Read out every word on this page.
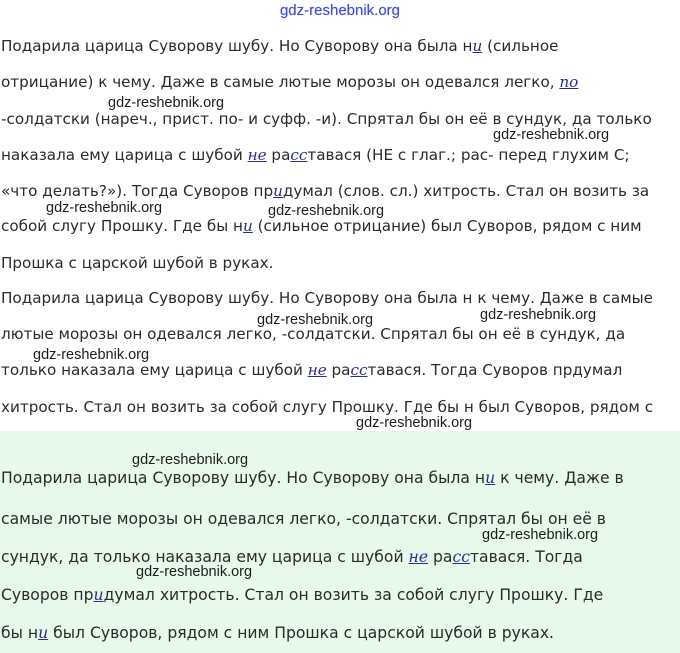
gdz-reshebnik.org
Подарила царица Суворову шубу. Но Суворову она была ни (сильное
отрицание) к чему. Даже в самые лютые морозы он одевался легко, по
-солдатски (нареч., прист. по- и суфф. -и). Спрятал бы он её в сундук, да только
наказала ему царица с шубой не расставася (НЕ с глаг.; рас- перед глухим С;
«что делать?»). Тогда Суворов придумал (слов. сл.) хитрость. Стал он возить за
собой слугу Прошку. Где бы ни (сильное отрицание) был Суворов, рядом с ним
Прошка с царской шубой в руках.
Подарила царица Суворову шубу. Но Суворову она была н к чему. Даже в самые
лютые морозы он одевался легко, -солдатски. Спрятал бы он её в сундук, да
только наказала ему царица с шубой не расставася. Тогда Суворов прдумал
хитрость. Стал он возить за собой слугу Прошку. Где бы н был Суворов, рядом с
Подарила царица Суворову шубу. Но Суворову она была ни к чему. Даже в
самые лютые морозы он одевался легко, -солдатски. Спрятал бы он её в
сундук, да только наказала ему царица с шубой не расставася. Тогда
Суворов придумал хитрость. Стал он возить за собой слугу Прошку. Где
бы ни был Суворов, рядом с ним Прошка с царской шубой в руках.
gdz-reshebnik.org
gdz-reshebnik.org
gdz-reshebnik.org	gdz-reshebnik.org
gdz-reshebnik.org
gdz-reshebnik.org
gdz-reshebnik.org
gdz-reshebnik.org
gdz-reshebnik.org
gdz-reshebnik.org
gdz-reshebnik.org
